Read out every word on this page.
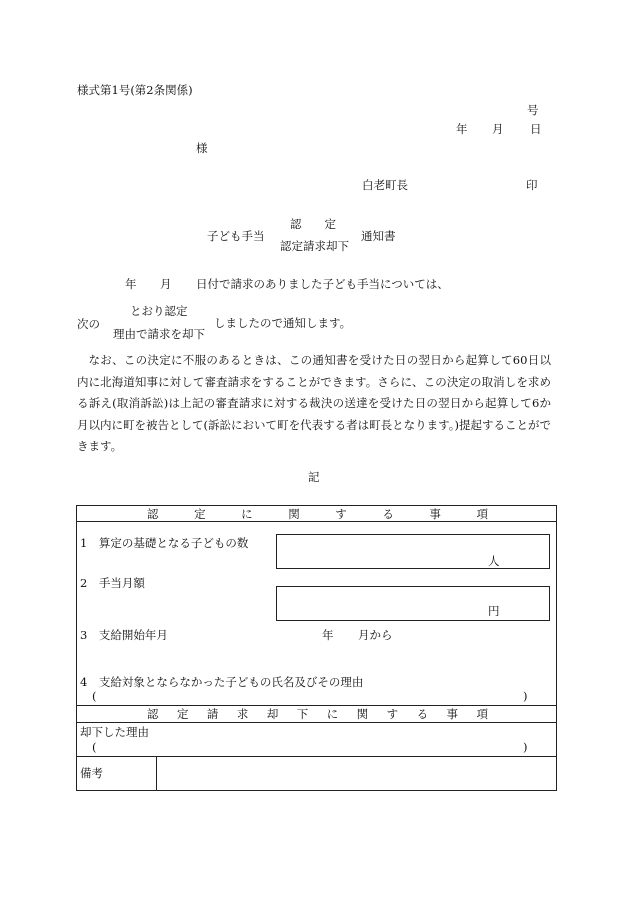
様式第1号(第2条関係)
号
年 月 日
様
白老町長	印
子ども手当
認　　定
認定請求却下
通知書
年 月 日付で請求のありました子ども手当については、
次の
とおり認定
理由で請求を却下
しましたので通知します。
なお、この決定に不服のあるときは、この通知書を受けた日の翌日から起算して60日以内に北海道知事に対して審査請求をすることができます。さらに、この決定の取消しを求める訴え(取消訴訟)は上記の審査請求に対する裁決の送達を受けた日の翌日から起算して6か月以内に町を被告として(訴訟において町を代表する者は町長となります。)提起することができます。
記
認	定	に	関	す	る	事	項
1　算定の基礎となる子どもの数
人
2　手当月額
円
3　支給開始年月	年 月から
4　支給対象とならなかった子どもの氏名及びその理由
(	)
認 定 請 求 却 下 に 関 す る 事 項
却下した理由
(	)
備考
